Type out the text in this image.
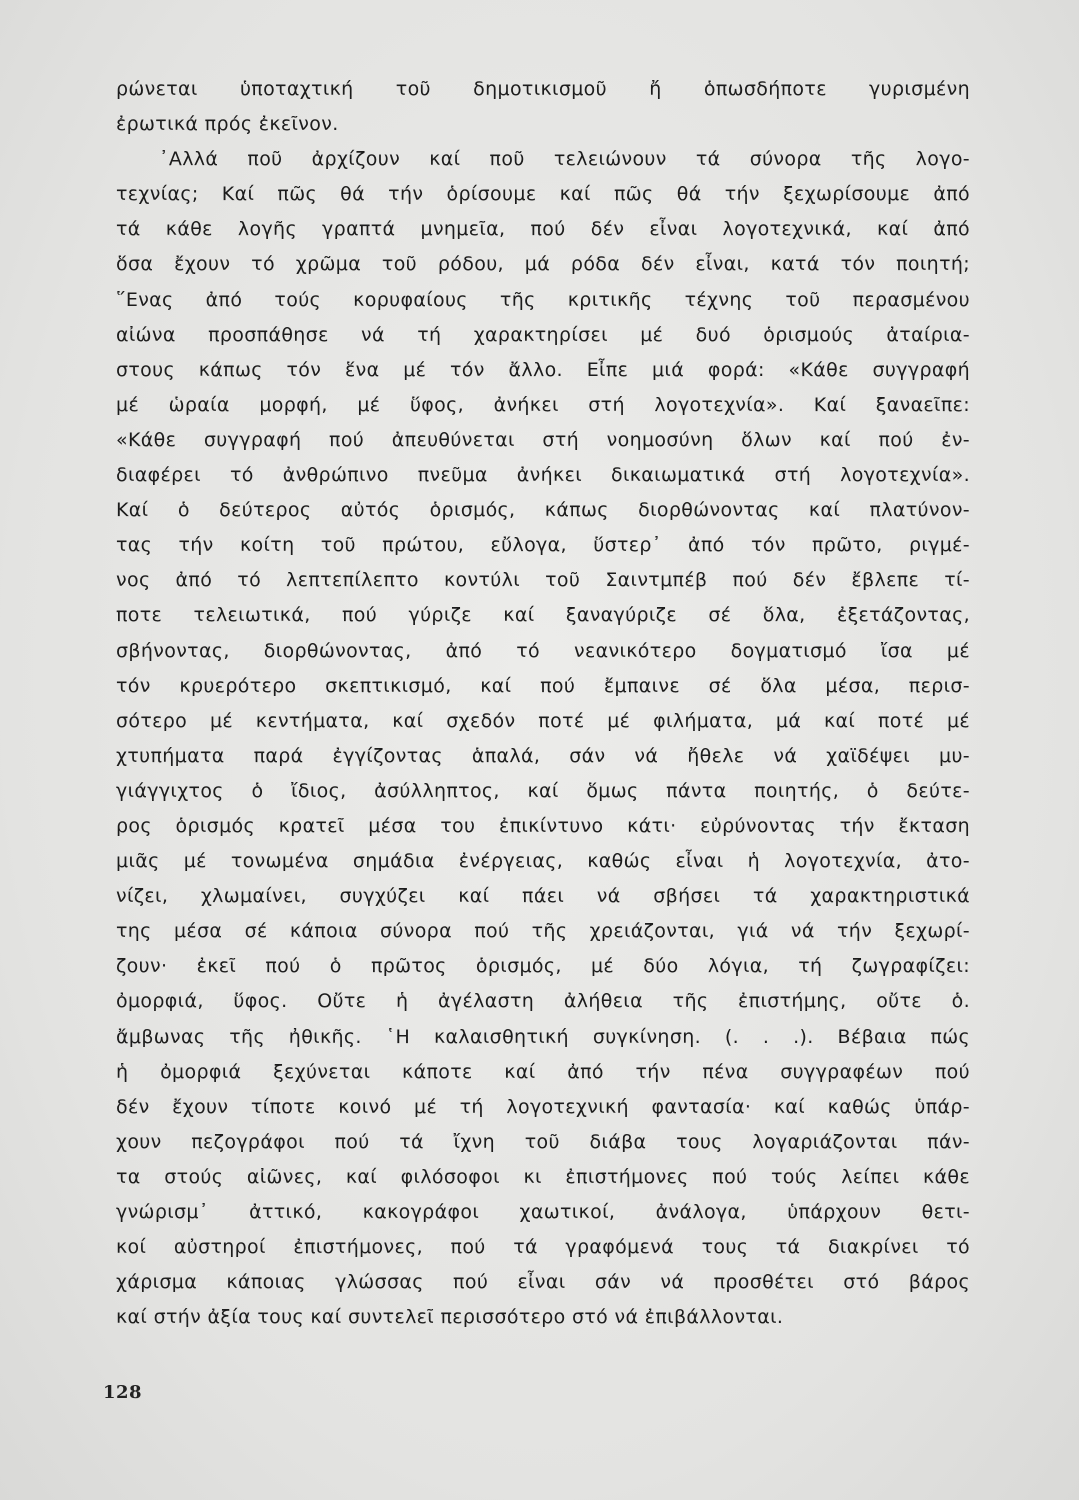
ρώνεται ὑποταχτική τοῦ δημοτικισμοῦ ἤ ὁπωσδήποτε γυρισμένη
ἐρωτικά πρός ἐκεῖνον.
᾿Αλλά ποῦ ἀρχίζουν καί ποῦ τελειώνουν τά σύνορα τῆς λογο-
τεχνίας; Καί πῶς θά τήν ὁρίσουμε καί πῶς θά τήν ξεχωρίσουμε ἀπό
τά κάθε λογῆς γραπτά μνημεῖα, πού δέν εἶναι λογοτεχνικά, καί ἀπό
ὅσα ἔχουν τό χρῶμα τοῦ ρόδου, μά ρόδα δέν εἶναι, κατά τόν ποιητή;
῞Ενας ἀπό τούς κορυφαίους τῆς κριτικῆς τέχνης τοῦ περασμένου
αἰώνα προσπάθησε νά τή χαρακτηρίσει μέ δυό ὁρισμούς ἀταίρια-
στους κάπως τόν ἕνα μέ τόν ἄλλο. Εἶπε μιά φορά: «Κάθε συγγραφή
μέ ὡραία μορφή, μέ ὕφος, ἀνήκει στή λογοτεχνία». Καί ξαναεῖπε:
«Κάθε συγγραφή πού ἀπευθύνεται στή νοημοσύνη ὅλων καί πού ἐν-
διαφέρει τό ἀνθρώπινο πνεῦμα ἀνήκει δικαιωματικά στή λογοτεχνία».
Καί ὁ δεύτερος αὐτός ὁρισμός, κάπως διορθώνοντας καί πλατύνον-
τας τήν κοίτη τοῦ πρώτου, εὔλογα, ὕστερ᾿ ἀπό τόν πρῶτο, ριγμέ-
νος ἀπό τό λεπτεπίλεπτο κοντύλι τοῦ Σαιντμπέβ πού δέν ἔβλεπε τί-
ποτε τελειωτικά, πού γύριζε καί ξαναγύριζε σέ ὅλα, ἐξετάζοντας,
σβήνοντας, διορθώνοντας, ἀπό τό νεανικότερο δογματισμό ἴσα μέ
τόν κρυερότερο σκεπτικισμό, καί πού ἔμπαινε σέ ὅλα μέσα, περισ-
σότερο μέ κεντήματα, καί σχεδόν ποτέ μέ φιλήματα, μά καί ποτέ μέ
χτυπήματα παρά ἐγγίζοντας ἁπαλά, σάν νά ἤθελε νά χαϊδέψει μυ-
γιάγγιχτος ὁ ἴδιος, ἀσύλληπτος, καί ὅμως πάντα ποιητής, ὁ δεύτε-
ρος ὁρισμός κρατεῖ μέσα του ἐπικίντυνο κάτι· εὐρύνοντας τήν ἔκταση
μιᾶς μέ τονωμένα σημάδια ἐνέργειας, καθώς εἶναι ἡ λογοτεχνία, ἀτο-
νίζει, χλωμαίνει, συγχύζει καί πάει νά σβήσει τά χαρακτηριστικά
της μέσα σέ κάποια σύνορα πού τῆς χρειάζονται, γιά νά τήν ξεχωρί-
ζουν· ἐκεῖ πού ὁ πρῶτος ὁρισμός, μέ δύο λόγια, τή ζωγραφίζει:
ὀμορφιά, ὕφος. Οὔτε ἡ ἀγέλαστη ἀλήθεια τῆς ἐπιστήμης, οὔτε ὁ.
ἄμβωνας τῆς ἠθικῆς. ῾Η καλαισθητική συγκίνηση. (. . .). Βέβαια πώς
ἡ ὀμορφιά ξεχύνεται κάποτε καί ἀπό τήν πένα συγγραφέων πού
δέν ἔχουν τίποτε κοινό μέ τή λογοτεχνική φαντασία· καί καθώς ὑπάρ-
χουν πεζογράφοι πού τά ἴχνη τοῦ διάβα τους λογαριάζονται πάν-
τα στούς αἰῶνες, καί φιλόσοφοι κι ἐπιστήμονες πού τούς λείπει κάθε
γνώρισμ᾿ ἀττικό, κακογράφοι χαωτικοί, ἀνάλογα, ὑπάρχουν θετι-
κοί αὐστηροί ἐπιστήμονες, πού τά γραφόμενά τους τά διακρίνει τό
χάρισμα κάποιας γλώσσας πού εἶναι σάν νά προσθέτει στό βάρος
καί στήν ἀξία τους καί συντελεῖ περισσότερο στό νά ἐπιβάλλονται.
128
